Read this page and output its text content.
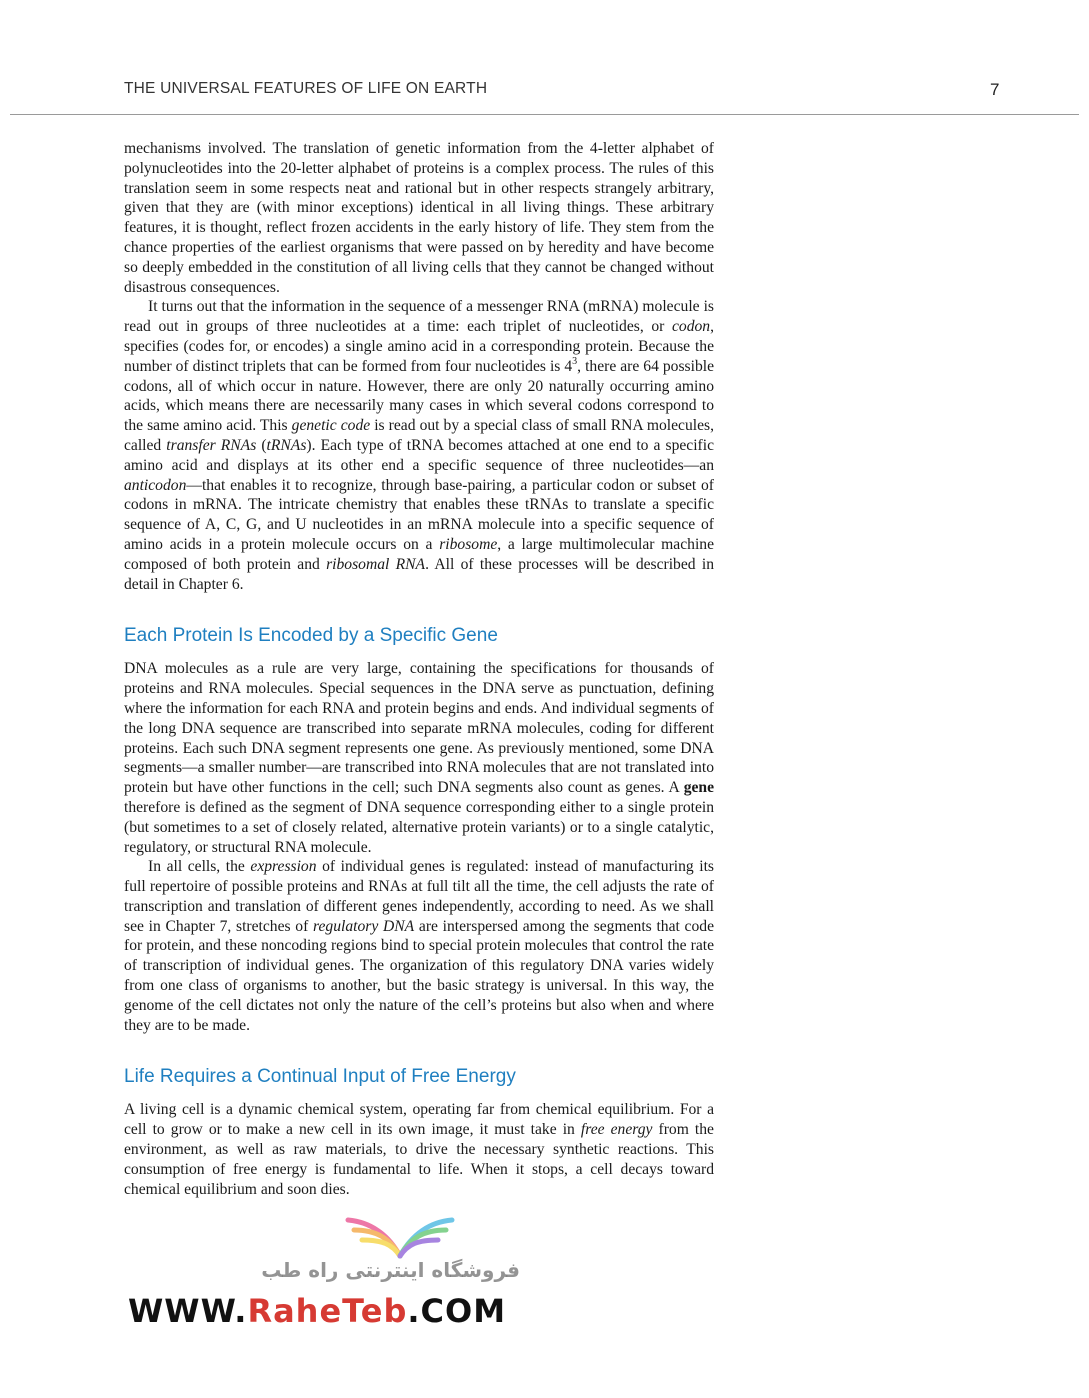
THE UNIVERSAL FEATURES OF LIFE ON EARTH	7

mechanisms involved. The translation of genetic information from the 4-letter alphabet of polynucleotides into the 20-letter alphabet of proteins is a complex process. The rules of this translation seem in some respects neat and rational but in other respects strangely arbitrary, given that they are (with minor exceptions) identical in all living things. These arbitrary features, it is thought, reflect frozen accidents in the early history of life. They stem from the chance properties of the earliest organisms that were passed on by heredity and have become so deeply embedded in the constitution of all living cells that they cannot be changed without disastrous consequences.

It turns out that the information in the sequence of a messenger RNA (mRNA) molecule is read out in groups of three nucleotides at a time: each triplet of nucleotides, or codon, specifies (codes for, or encodes) a single amino acid in a corresponding protein. Because the number of distinct triplets that can be formed from four nucleotides is $4^3$, there are 64 possible codons, all of which occur in nature. However, there are only 20 naturally occurring amino acids, which means there are necessarily many cases in which several codons correspond to the same amino acid. This genetic code is read out by a special class of small RNA molecules, called transfer RNAs (tRNAs). Each type of tRNA becomes attached at one end to a specific amino acid and displays at its other end a specific sequence of three nucleotides—an anticodon—that enables it to recognize, through base-pairing, a particular codon or subset of codons in mRNA. The intricate chemistry that enables these tRNAs to translate a specific sequence of A, C, G, and U nucleotides in an mRNA molecule into a specific sequence of amino acids in a protein molecule occurs on a ribosome, a large multimolecular machine composed of both protein and ribosomal RNA. All of these processes will be described in detail in Chapter 6.

Each Protein Is Encoded by a Specific Gene

DNA molecules as a rule are very large, containing the specifications for thousands of proteins and RNA molecules. Special sequences in the DNA serve as punctuation, defining where the information for each RNA and protein begins and ends. And individual segments of the long DNA sequence are transcribed into separate mRNA molecules, coding for different proteins. Each such DNA segment represents one gene. As previously mentioned, some DNA segments—a smaller number—are transcribed into RNA molecules that are not translated into protein but have other functions in the cell; such DNA segments also count as genes. A gene therefore is defined as the segment of DNA sequence corresponding either to a single protein (but sometimes to a set of closely related, alternative protein variants) or to a single catalytic, regulatory, or structural RNA molecule.

In all cells, the expression of individual genes is regulated: instead of manufacturing its full repertoire of possible proteins and RNAs at full tilt all the time, the cell adjusts the rate of transcription and translation of different genes independently, according to need. As we shall see in Chapter 7, stretches of regulatory DNA are interspersed among the segments that code for protein, and these noncoding regions bind to special protein molecules that control the rate of transcription of individual genes. The organization of this regulatory DNA varies widely from one class of organisms to another, but the basic strategy is universal. In this way, the genome of the cell dictates not only the nature of the cell’s proteins but also when and where they are to be made.

Life Requires a Continual Input of Free Energy

A living cell is a dynamic chemical system, operating far from chemical equilibrium. For a cell to grow or to make a new cell in its own image, it must take in free energy from the environment, as well as raw materials, to drive the necessary synthetic reactions. This consumption of free energy is fundamental to life. When it stops, a cell decays toward chemical equilibrium and soon dies.

فروشگاه اینترنتی راه طب
WWW.RaheTeb.COM
